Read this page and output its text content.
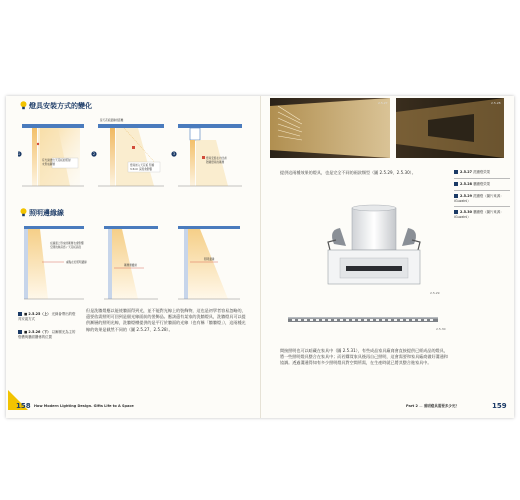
燈具安裝方式的變化
1
有光線透出天花板的照射
未形成漸層
2
燈具嵌入天花板 鋁條
3-5cm 深度會影響
從天花板邊緣的距離
3
燈具安裝在內凹處
隱藏燈具的漸層
照明邊緣線
在牆面上形成的漸層也會影響
空間的進深感 / 天花板高度
重點在於照明邊緣
漸層連續處
照明邊緣
■ 2.5.25（上） 光線會帶出的燈具安裝方式
■ 2.5.26（下） 以漸層光為主的燈槽與牆面關係的位置
但是洗牆燈應以能使牆面得到光，並不能對光線上的裝飾物，這也是初學者容易忽略的，還要依需照明可回到是個光線面前的裝飾品。應該還有某家的洗牆燈具，洗牆燈具可以提供漸層的照明光線，洗牆燈槽提供的是平行於牆面的光線（也有稱「牆牆燈」），這兩種光線的效果是截然不同的（圖 2.5.27、2.5.28）。
158 How Modern Lighting Design. Gifts Life to A Space
2.5.27	2.5.28
提供這兩種效果的燈具，也是完全不同的兩款類型（圖 2.5.29、2.5.30）。	2.5.27 洗牆燈效果
2.5.28 牆牆燈效果
2.5.29 洗牆燈（圖片來源：iGuzzini）
2.5.30 牆牆燈（圖片來源：iGuzzini）
2.5.29
2.5.30
間接照明也可以暗藏在家具中（圖 2.5.31），有些成品家具廠商會直接提供已經成品的燈具，將一些照明燈具整合在家具中；而若購買家具後再自己照明，這會需要和家具廠商做好溝通和協調。透過溝通得知有多少照明燈具對空間所需，在生產時就已將其整合進家具中。
Part 2 — 照明燈具需要多少光？	159
